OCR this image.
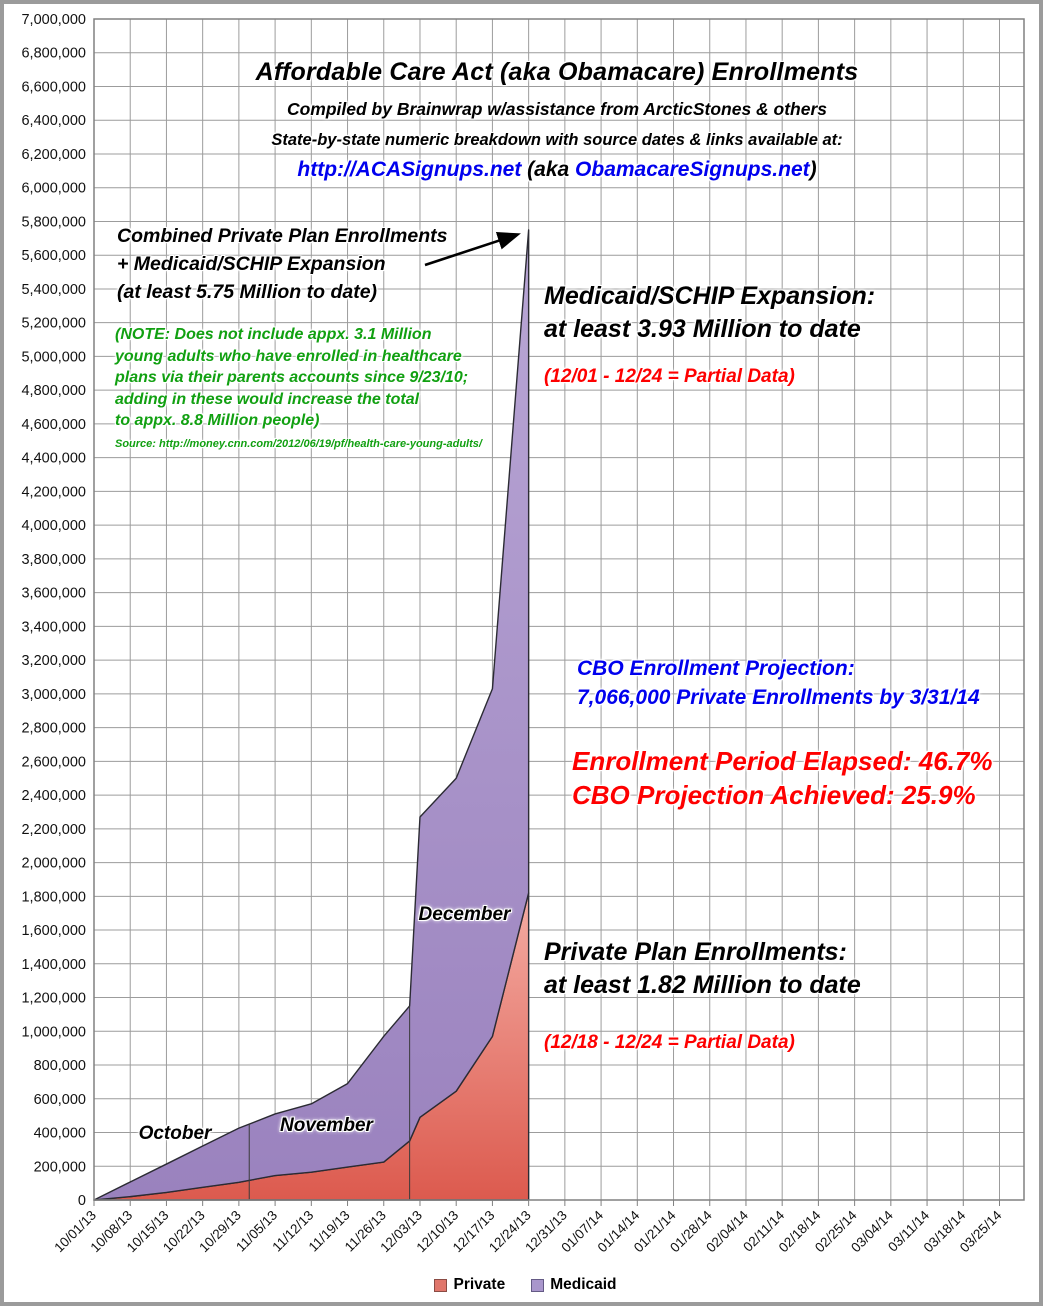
0
200,000
400,000
600,000
800,000
1,000,000
1,200,000
1,400,000
1,600,000
1,800,000
2,000,000
2,200,000
2,400,000
2,600,000
2,800,000
3,000,000
3,200,000
3,400,000
3,600,000
3,800,000
4,000,000
4,200,000
4,400,000
4,600,000
4,800,000
5,000,000
5,200,000
5,400,000
5,600,000
5,800,000
6,000,000
6,200,000
6,400,000
6,600,000
6,800,000
7,000,000
10/01/13
10/08/13
10/15/13
10/22/13
10/29/13
11/05/13
11/12/13
11/19/13
11/26/13
12/03/13
12/10/13
12/17/13
12/24/13
12/31/13
01/07/14
01/14/14
01/21/14
01/28/14
02/04/14
02/11/14
02/18/14
02/25/14
03/04/14
03/11/14
03/18/14
03/25/14
Affordable Care Act (aka Obamacare) Enrollments
Compiled by Brainwrap w/assistance from ArcticStones & others
State-by-state numeric breakdown with source dates & links available at:
http://ACASignups.net (aka ObamacareSignups.net)
Combined Private Plan Enrollments
+ Medicaid/SCHIP Expansion
(at least 5.75 Million to date)
(NOTE: Does not include appx. 3.1 Million
young adults who have enrolled in healthcare
plans via their parents accounts since 9/23/10;
adding in these would increase the total
to appx. 8.8 Million people)
Source: http://money.cnn.com/2012/06/19/pf/health-care-young-adults/
Medicaid/SCHIP Expansion:
at least 3.93 Million to date
(12/01 - 12/24 = Partial Data)
CBO Enrollment Projection:
7,066,000 Private Enrollments by 3/31/14
Enrollment Period Elapsed: 46.7%
CBO Projection Achieved: 25.9%
Private Plan Enrollments:
at least 1.82 Million to date
(12/18 - 12/24 = Partial Data)
October	November
December
Private	Medicaid
